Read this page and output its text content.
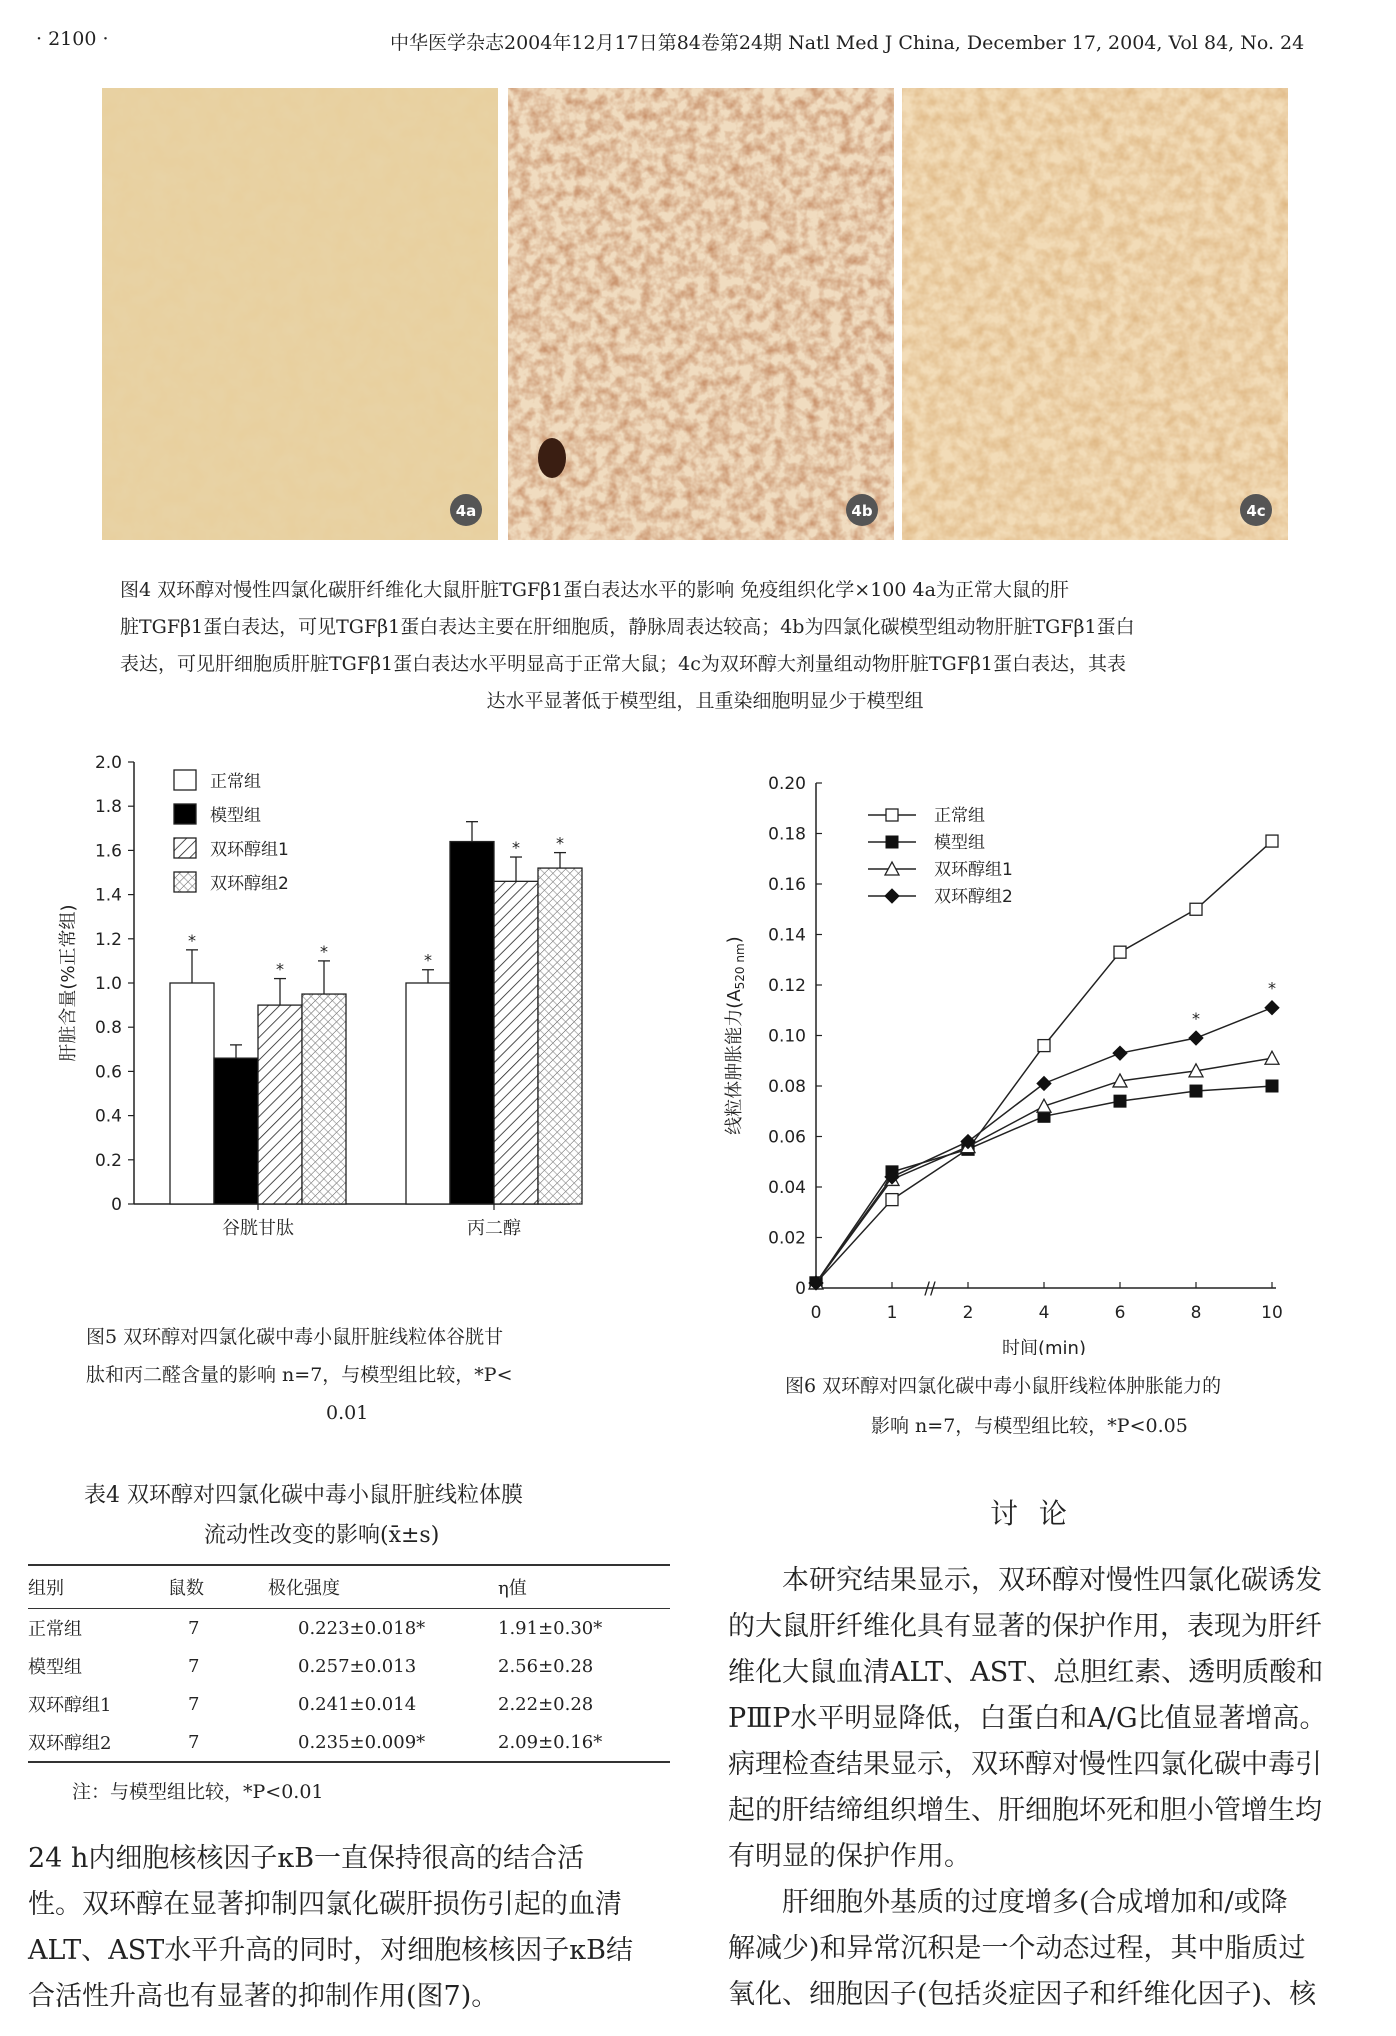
· 2100 ·	中华医学杂志2004年12月17日第84卷第24期 Natl Med J China, December 17, 2004, Vol 84, No. 24
4a	4b	4c
图4 双环醇对慢性四氯化碳肝纤维化大鼠肝脏TGFβ1蛋白表达水平的影响 免疫组织化学×100 4a为正常大鼠的肝
脏TGFβ1蛋白表达，可见TGFβ1蛋白表达主要在肝细胞质，静脉周表达较高；4b为四氯化碳模型组动物肝脏TGFβ1蛋白
表达，可见肝细胞质肝脏TGFβ1蛋白表达水平明显高于正常大鼠；4c为双环醇大剂量组动物肝脏TGFβ1蛋白表达，其表
达水平显著低于模型组，且重染细胞明显少于模型组
0
0.2
0.4
0.6
0.8
1.0
1.2
1.4
1.6
1.8
2.0
肝脏含量(%正常组)	*
*
*
谷胱甘肽
*
* *
丙二醇
正常组
模型组
双环醇组1
双环醇组2
图5 双环醇对四氯化碳中毒小鼠肝脏线粒体谷胱甘
肽和丙二醛含量的影响 n=7，与模型组比较，*P<
0.01
0
0.02
0.04
0.06
0.08
0.10
0.12
0.14
0.16
0.18
0.20
0	1	2	4	6	8	10
//
时间(min)
线粒体肿胀能力$(A_{520 nm})$
正常组
模型组
双环醇组1
双环醇组2
*
*
图6 双环醇对四氯化碳中毒小鼠肝线粒体肿胀能力的
影响 n=7，与模型组比较，*P<0.05
表4 双环醇对四氯化碳中毒小鼠肝脏线粒体膜
流动性改变的影响(x̄±s)
组别	鼠数	极化强度	η值
正常组	7	0.223±0.018*	1.91±0.30*
模型组	7	0.257±0.013	2.56±0.28
双环醇组1	7	0.241±0.014	2.22±0.28
双环醇组2	7	0.235±0.009*	2.09±0.16*
注：与模型组比较，*P<0.01
24 h内细胞核核因子κB一直保持很高的结合活
性。双环醇在显著抑制四氯化碳肝损伤引起的血清
ALT、AST水平升高的同时，对细胞核核因子κB结
合活性升高也有显著的抑制作用(图7)。
讨 论
本研究结果显示，双环醇对慢性四氯化碳诱发
的大鼠肝纤维化具有显著的保护作用，表现为肝纤
维化大鼠血清ALT、AST、总胆红素、透明质酸和
PⅢP水平明显降低，白蛋白和A/G比值显著增高。
病理检查结果显示，双环醇对慢性四氯化碳中毒引
起的肝结缔组织增生、肝细胞坏死和胆小管增生均
有明显的保护作用。
肝细胞外基质的过度增多(合成增加和/或降
解减少)和异常沉积是一个动态过程，其中脂质过
氧化、细胞因子(包括炎症因子和纤维化因子)、核
